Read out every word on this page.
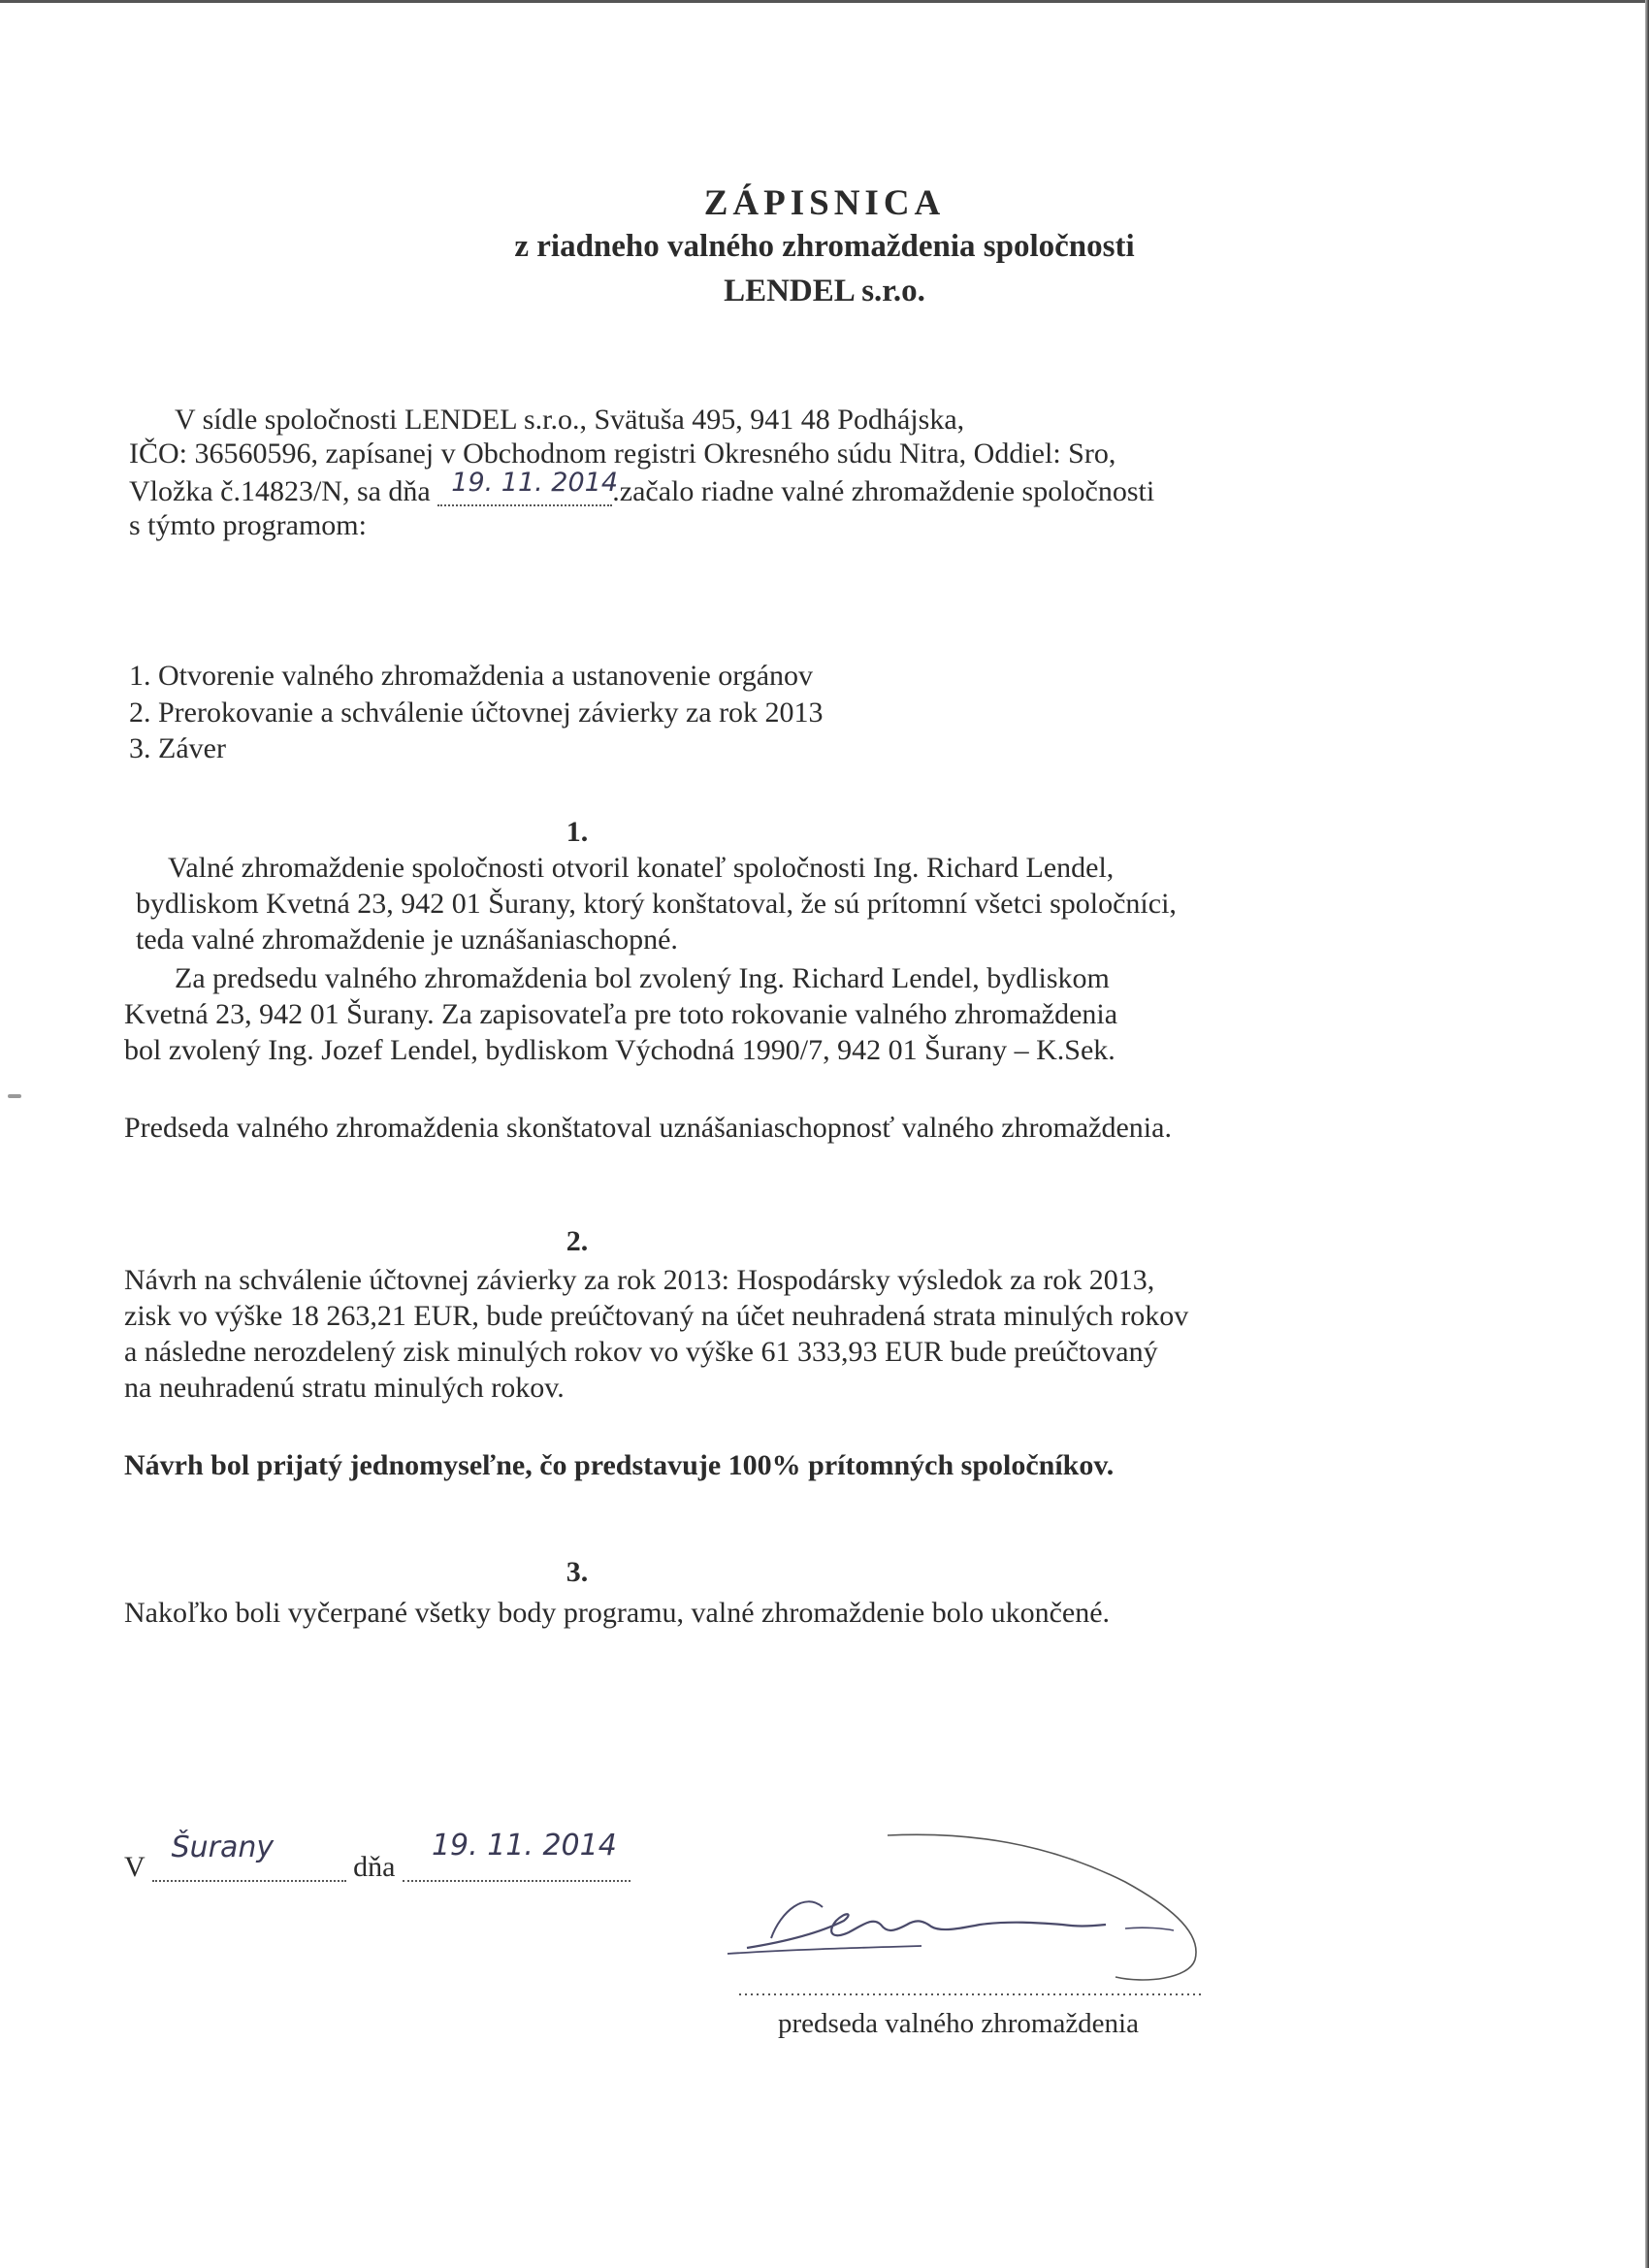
ZÁPISNICA
z riadneho valného zhromaždenia spoločnosti
LENDEL s.r.o.
V sídle spoločnosti LENDEL s.r.o., Svätuša 495, 941 48 Podhájska,
IČO: 36560596, zapísanej v Obchodnom registri Okresného súdu Nitra, Oddiel: Sro,
Vložka č.14823/N, sa dňa 19. 11. 2014
.začalo riadne valné zhromaždenie spoločnosti
s týmto programom:
1. Otvorenie valného zhromaždenia a ustanovenie orgánov
2. Prerokovanie a schválenie účtovnej závierky za rok 2013
3. Záver
1.
Valné zhromaždenie spoločnosti otvoril konateľ spoločnosti Ing. Richard Lendel,
bydliskom Kvetná 23, 942 01 Šurany, ktorý konštatoval, že sú prítomní všetci spoločníci,
teda valné zhromaždenie je uznášaniaschopné.
Za predsedu valného zhromaždenia bol zvolený Ing. Richard Lendel, bydliskom
Kvetná 23, 942 01 Šurany. Za zapisovateľa pre toto rokovanie valného zhromaždenia
bol zvolený Ing. Jozef Lendel, bydliskom Východná 1990/7, 942 01 Šurany – K.Sek.
Predseda valného zhromaždenia skonštatoval uznášaniaschopnosť valného zhromaždenia.
2.
Návrh na schválenie účtovnej závierky za rok 2013: Hospodársky výsledok za rok 2013,
zisk vo výške 18 263,21 EUR, bude preúčtovaný na účet neuhradená strata minulých rokov
a následne nerozdelený zisk minulých rokov vo výške 61 333,93 EUR bude preúčtovaný
na neuhradenú stratu minulých rokov.
Návrh bol prijatý jednomyseľne, čo predstavuje 100% prítomných spoločníkov.
3.
Nakoľko boli vyčerpané všetky body programu, valné zhromaždenie bolo ukončené.
V
Šurany
dňa
19. 11. 2014
predseda valného zhromaždenia
